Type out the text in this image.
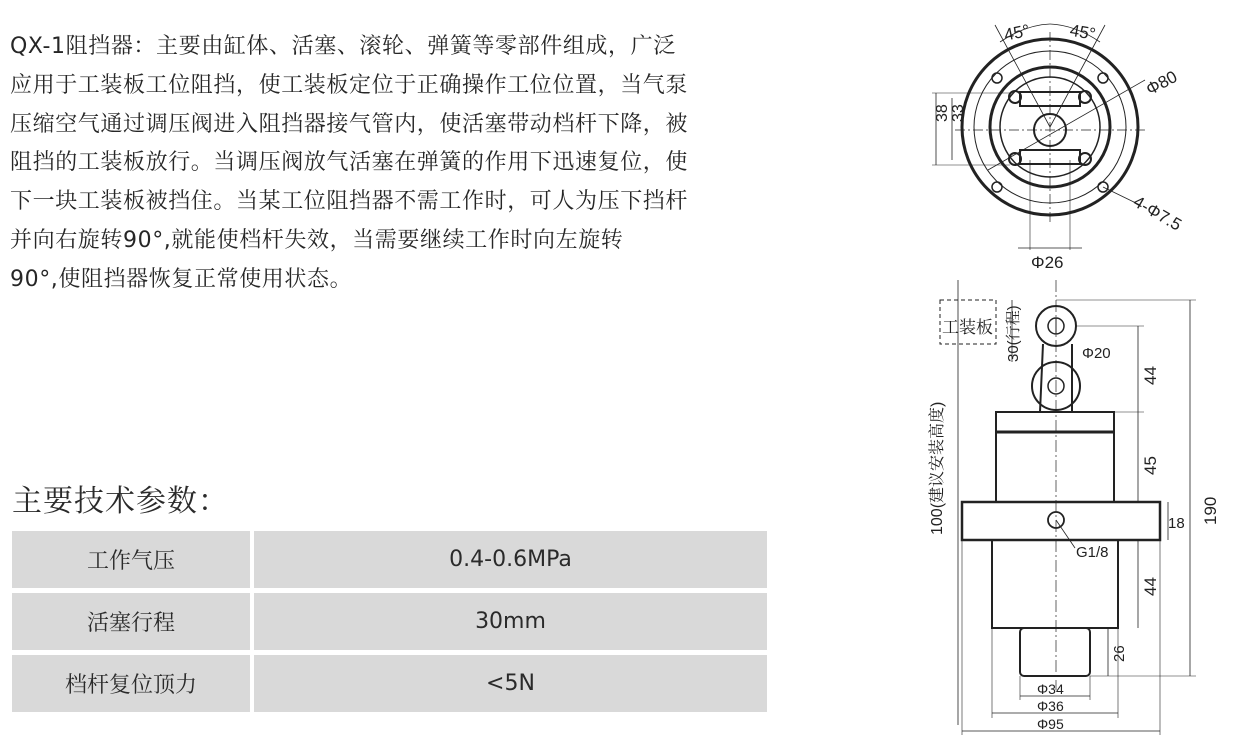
QX-1阻挡器：主要由缸体、活塞、滚轮、弹簧等零部件组成，广泛

应用于工装板工位阻挡，使工装板定位于正确操作工位位置，当气泵

压缩空气通过调压阀进入阻挡器接气管内，使活塞带动档杆下降，被

阻挡的工装板放行。当调压阀放气活塞在弹簧的作用下迅速复位，使

下一块工装板被挡住。当某工位阻挡器不需工作时，可人为压下挡杆

并向右旋转90°,就能使档杆失效，当需要继续工作时向左旋转

90°,使阻挡器恢复正常使用状态。

主要技术参数：
工作气压	0.4-0.6MPa
活塞行程	30mm
档杆复位顶力	<5N
45° 45°
Φ80
38 33
4-Φ7.5
Φ26
工装板 30(行程)	Φ20
44
45
190
18
100(建议安装高度)
G1/8
44
26
Φ34
Φ36
Φ95
